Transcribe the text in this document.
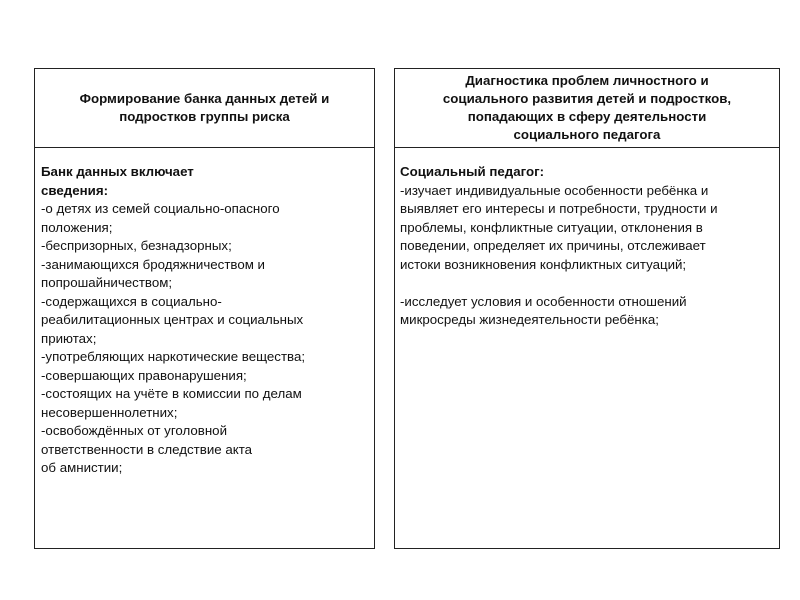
Формирование банка данных детей и
подростков группы риска
Банк данных включает
сведения:
-о детях из семей социально-опасного
положения;
-беспризорных, безнадзорных;
-занимающихся бродяжничеством и
попрошайничеством;
-содержащихся в социально-
реабилитационных центрах и социальных
приютах;
-употребляющих наркотические вещества;
-совершающих правонарушения;
-состоящих на учёте в комиссии по делам
несовершеннолетних;
-освобождённых от уголовной
ответственности в следствие акта
об амнистии;
Диагностика проблем личностного и
социального развития детей и подростков,
попадающих в сферу деятельности
социального педагога
Социальный педагог:
-изучает индивидуальные особенности ребёнка и
выявляет его интересы и потребности, трудности и
проблемы, конфликтные ситуации, отклонения в
поведении, определяет их причины, отслеживает
истоки возникновения конфликтных ситуаций;
-исследует условия и особенности отношений
микросреды жизнедеятельности ребёнка;
